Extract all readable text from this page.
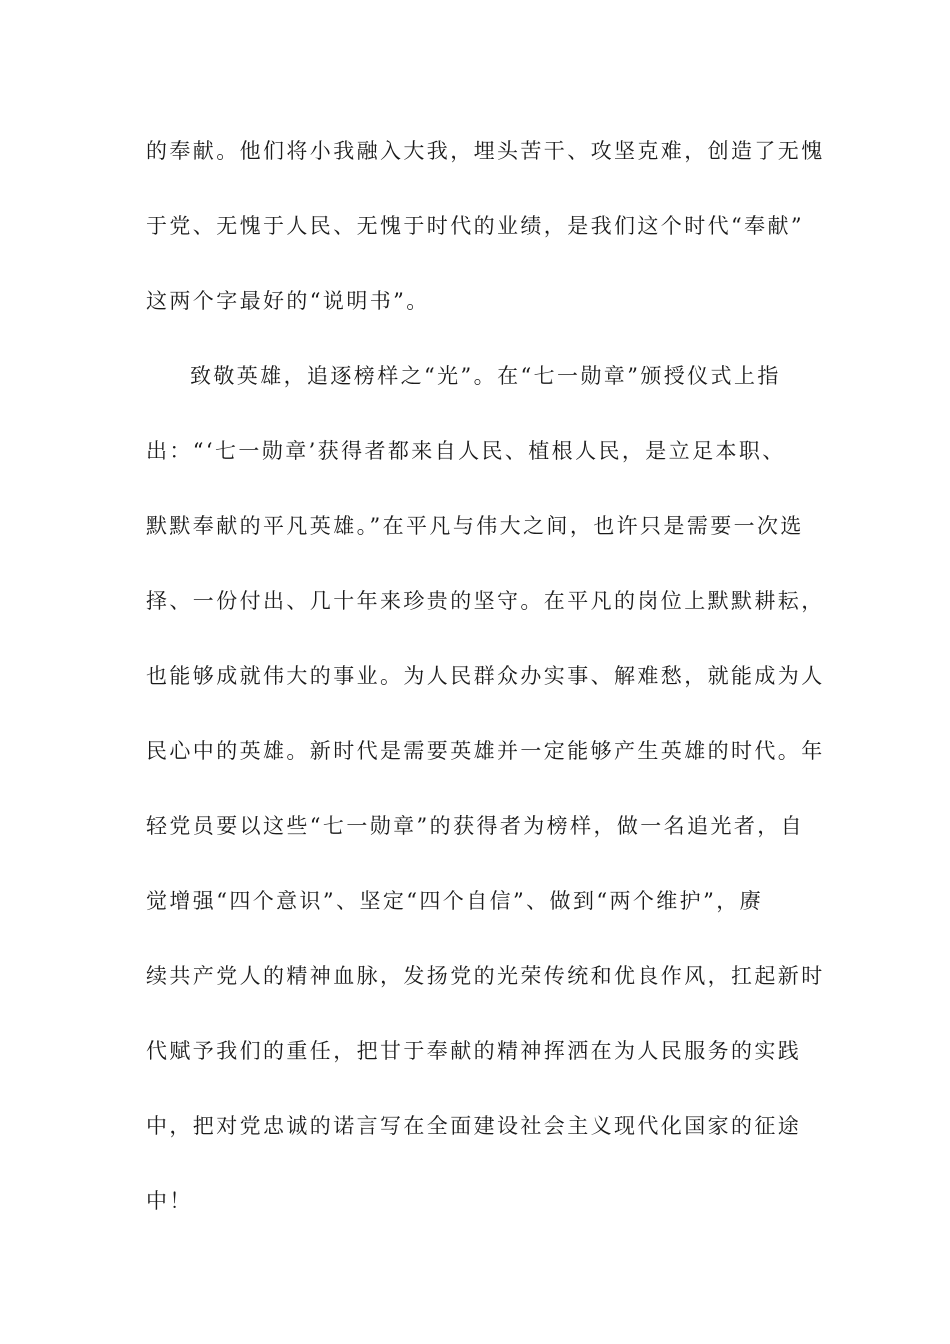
的奉献。他们将小我融入大我，埋头苦干、攻坚克难，创造了无愧
于党、无愧于人民、无愧于时代的业绩，是我们这个时代“奉献”
这两个字最好的“说明书”。
致敬英雄，追逐榜样之“光”。在“七一勋章”颁授仪式上指
出：“‘七一勋章’获得者都来自人民、植根人民，是立足本职、
默默奉献的平凡英雄。”在平凡与伟大之间，也许只是需要一次选
择、一份付出、几十年来珍贵的坚守。在平凡的岗位上默默耕耘，
也能够成就伟大的事业。为人民群众办实事、解难愁，就能成为人
民心中的英雄。新时代是需要英雄并一定能够产生英雄的时代。年
轻党员要以这些“七一勋章”的获得者为榜样，做一名追光者，自
觉增强“四个意识”、坚定“四个自信”、做到“两个维护”，赓
续共产党人的精神血脉，发扬党的光荣传统和优良作风，扛起新时
代赋予我们的重任，把甘于奉献的精神挥洒在为人民服务的实践
中，把对党忠诚的诺言写在全面建设社会主义现代化国家的征途
中！
